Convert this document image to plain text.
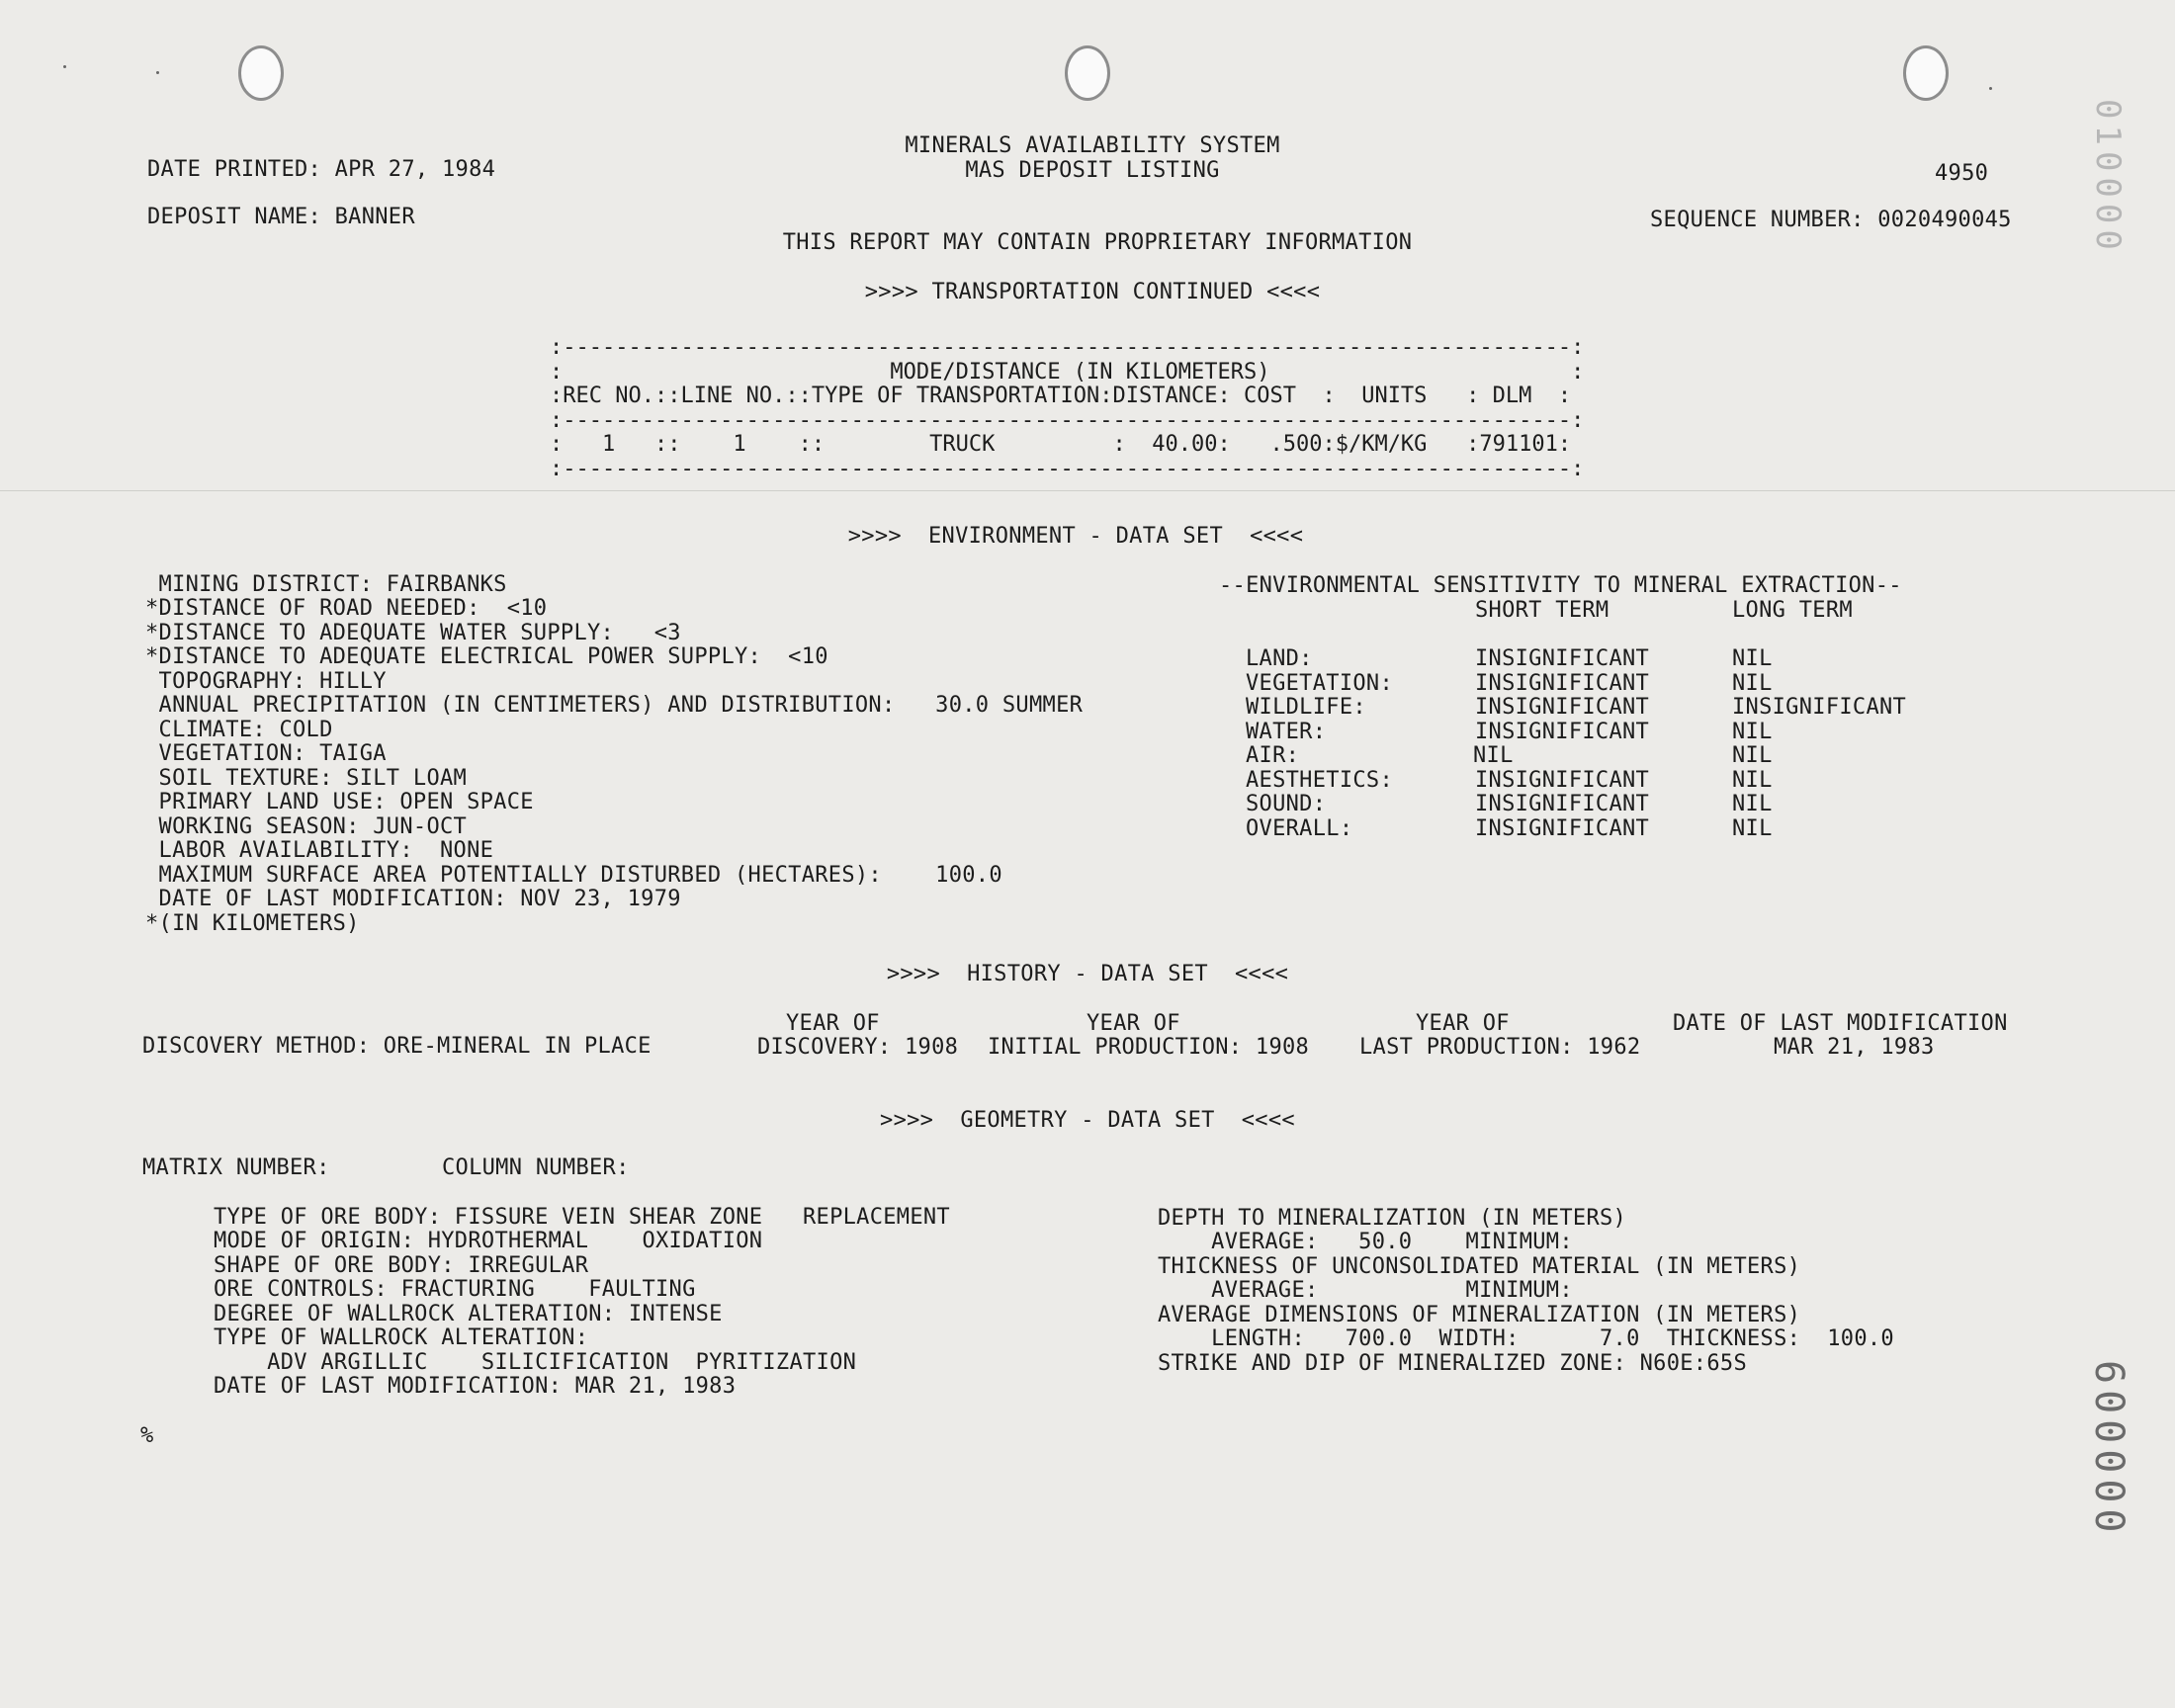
MINERALS AVAILABILITY SYSTEM
DATE PRINTED: APR 27, 1984	MAS DEPOSIT LISTING	4950
DEPOSIT NAME: BANNER	SEQUENCE NUMBER: 0020490045
THIS REPORT MAY CONTAIN PROPRIETARY INFORMATION
>>>> TRANSPORTATION CONTINUED <<<<
:-----------------------------------------------------------------------------:
:                         MODE/DISTANCE (IN KILOMETERS)                       :
:REC NO.::LINE NO.::TYPE OF TRANSPORTATION:DISTANCE: COST  :  UNITS   : DLM  :
:-----------------------------------------------------------------------------:
:   1   ::    1    ::        TRUCK         :  40.00:   .500:$/KM/KG   :791101:
:-----------------------------------------------------------------------------:
>>>>  ENVIRONMENT - DATA SET  <<<<
MINING DISTRICT: FAIRBANKS
*DISTANCE OF ROAD NEEDED:  <10
*DISTANCE TO ADEQUATE WATER SUPPLY:   <3
*DISTANCE TO ADEQUATE ELECTRICAL POWER SUPPLY:  <10
TOPOGRAPHY: HILLY
ANNUAL PRECIPITATION (IN CENTIMETERS) AND DISTRIBUTION:   30.0 SUMMER
CLIMATE: COLD
VEGETATION: TAIGA
SOIL TEXTURE: SILT LOAM
PRIMARY LAND USE: OPEN SPACE
WORKING SEASON: JUN-OCT
LABOR AVAILABILITY:  NONE
MAXIMUM SURFACE AREA POTENTIALLY DISTURBED (HECTARES):    100.0
DATE OF LAST MODIFICATION: NOV 23, 1979
*(IN KILOMETERS)
--ENVIRONMENTAL SENSITIVITY TO MINERAL EXTRACTION--
SHORT TERM	LONG TERM
LAND:	INSIGNIFICANT	NIL
VEGETATION:	INSIGNIFICANT	NIL
WILDLIFE:	INSIGNIFICANT	INSIGNIFICANT
WATER:	INSIGNIFICANT	NIL
AIR:	NIL	NIL
AESTHETICS:	INSIGNIFICANT	NIL
SOUND:	INSIGNIFICANT	NIL
OVERALL:	INSIGNIFICANT	NIL
>>>>  HISTORY - DATA SET  <<<<
YEAR OF	YEAR OF	YEAR OF	DATE OF LAST MODIFICATION
DISCOVERY METHOD: ORE-MINERAL IN PLACE	DISCOVERY: 1908 INITIAL PRODUCTION: 1908 LAST PRODUCTION: 1962	MAR 21, 1983
>>>>  GEOMETRY - DATA SET  <<<<
MATRIX NUMBER:	COLUMN NUMBER:
TYPE OF ORE BODY: FISSURE VEIN SHEAR ZONE   REPLACEMENT
MODE OF ORIGIN: HYDROTHERMAL    OXIDATION
SHAPE OF ORE BODY: IRREGULAR
ORE CONTROLS: FRACTURING    FAULTING
DEGREE OF WALLROCK ALTERATION: INTENSE
TYPE OF WALLROCK ALTERATION:
ADV ARGILLIC    SILICIFICATION  PYRITIZATION
DATE OF LAST MODIFICATION: MAR 21, 1983
DEPTH TO MINERALIZATION (IN METERS)
AVERAGE:   50.0    MINIMUM:
THICKNESS OF UNCONSOLIDATED MATERIAL (IN METERS)
AVERAGE:           MINIMUM:
AVERAGE DIMENSIONS OF MINERALIZATION (IN METERS)
LENGTH:   700.0  WIDTH:      7.0  THICKNESS:  100.0
STRIKE AND DIP OF MINERALIZED ZONE: N60E:65S
%
010000
600000
